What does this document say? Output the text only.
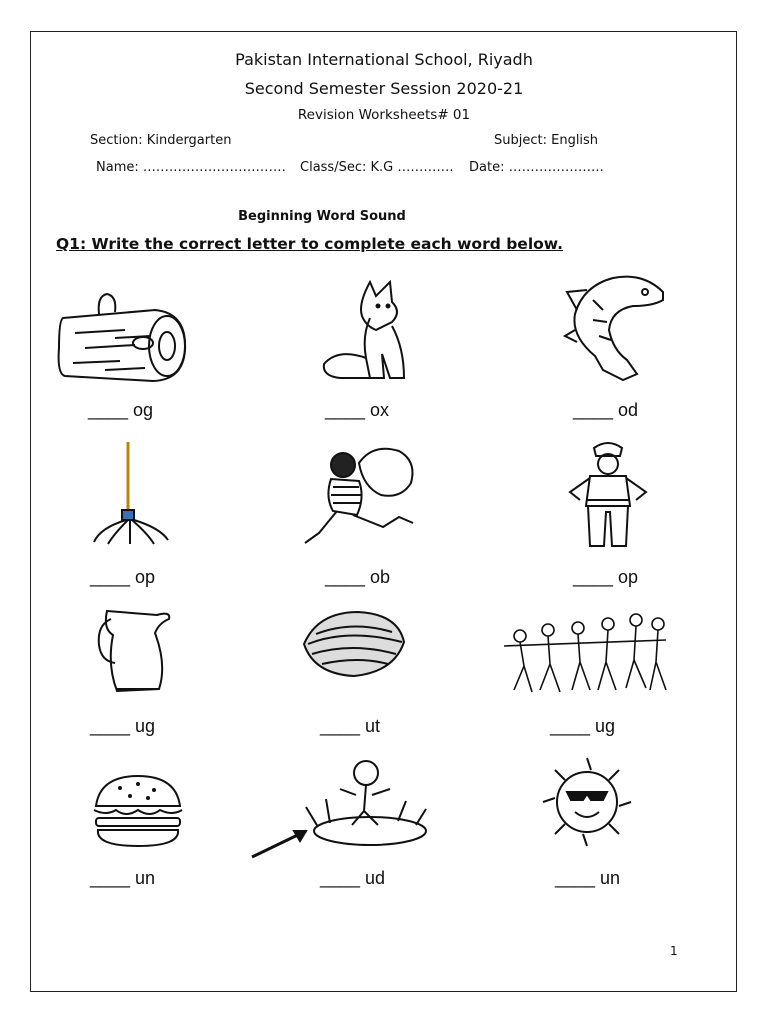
Pakistan International School, Riyadh
Second Semester Session 2020-21
Revision Worksheets# 01
Section: Kindergarten	Subject: English
Name: …………………………… Class/Sec: K.G …………. Date: ………………….
Beginning Word Sound
Q1: Write the correct letter to complete each word below.
____ og	____ ox	____ od
____ op	____ ob	____ op
____ ug	____ ut	____ ug
____ un	____ ud	____ un
1
